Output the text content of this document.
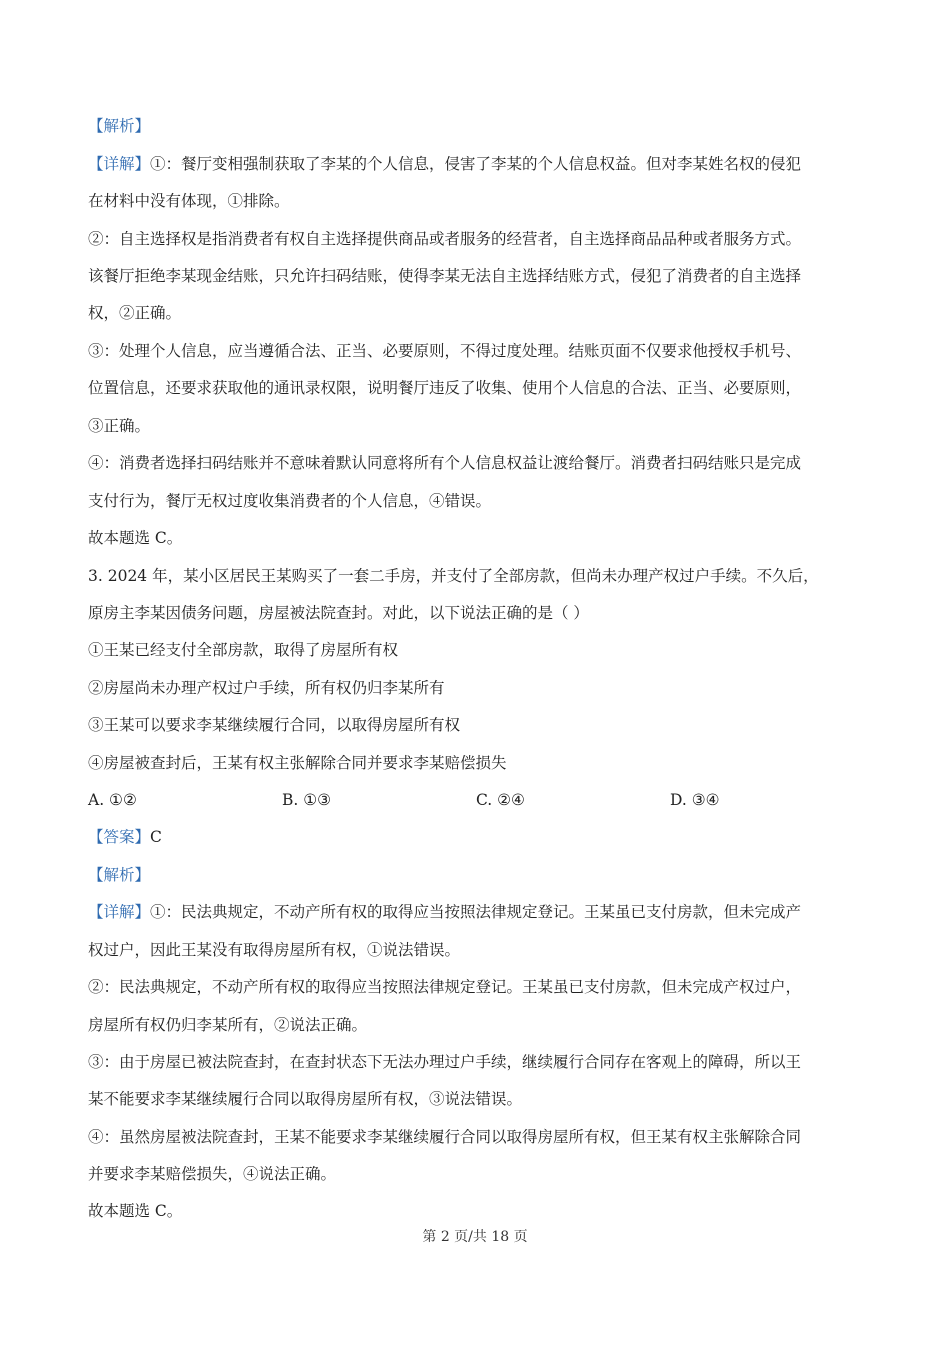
【解析】
【详解】①：餐厅变相强制获取了李某的个人信息，侵害了李某的个人信息权益。但对李某姓名权的侵犯
在材料中没有体现，①排除。
②：自主选择权是指消费者有权自主选择提供商品或者服务的经营者，自主选择商品品种或者服务方式。
该餐厅拒绝李某现金结账，只允许扫码结账，使得李某无法自主选择结账方式，侵犯了消费者的自主选择
权，②正确。
③：处理个人信息，应当遵循合法、正当、必要原则，不得过度处理。结账页面不仅要求他授权手机号、
位置信息，还要求获取他的通讯录权限，说明餐厅违反了收集、使用个人信息的合法、正当、必要原则，
③正确。
④：消费者选择扫码结账并不意味着默认同意将所有个人信息权益让渡给餐厅。消费者扫码结账只是完成
支付行为，餐厅无权过度收集消费者的个人信息，④错误。
故本题选 C。
3. 2024 年，某小区居民王某购买了一套二手房，并支付了全部房款，但尚未办理产权过户手续。不久后，
原房主李某因债务问题，房屋被法院查封。对此，以下说法正确的是（ ）
①王某已经支付全部房款，取得了房屋所有权
②房屋尚未办理产权过户手续，所有权仍归李某所有
③王某可以要求李某继续履行合同，以取得房屋所有权
④房屋被查封后，王某有权主张解除合同并要求李某赔偿损失
A. ①②	B. ①③	C. ②④	D. ③④
【答案】C
【解析】
【详解】①：民法典规定，不动产所有权的取得应当按照法律规定登记。王某虽已支付房款，但未完成产
权过户，因此王某没有取得房屋所有权，①说法错误。
②：民法典规定，不动产所有权的取得应当按照法律规定登记。王某虽已支付房款，但未完成产权过户，
房屋所有权仍归李某所有，②说法正确。
③：由于房屋已被法院查封，在查封状态下无法办理过户手续，继续履行合同存在客观上的障碍，所以王
某不能要求李某继续履行合同以取得房屋所有权，③说法错误。
④：虽然房屋被法院查封，王某不能要求李某继续履行合同以取得房屋所有权，但王某有权主张解除合同
并要求李某赔偿损失，④说法正确。
故本题选 C。
第 2 页/共 18 页
